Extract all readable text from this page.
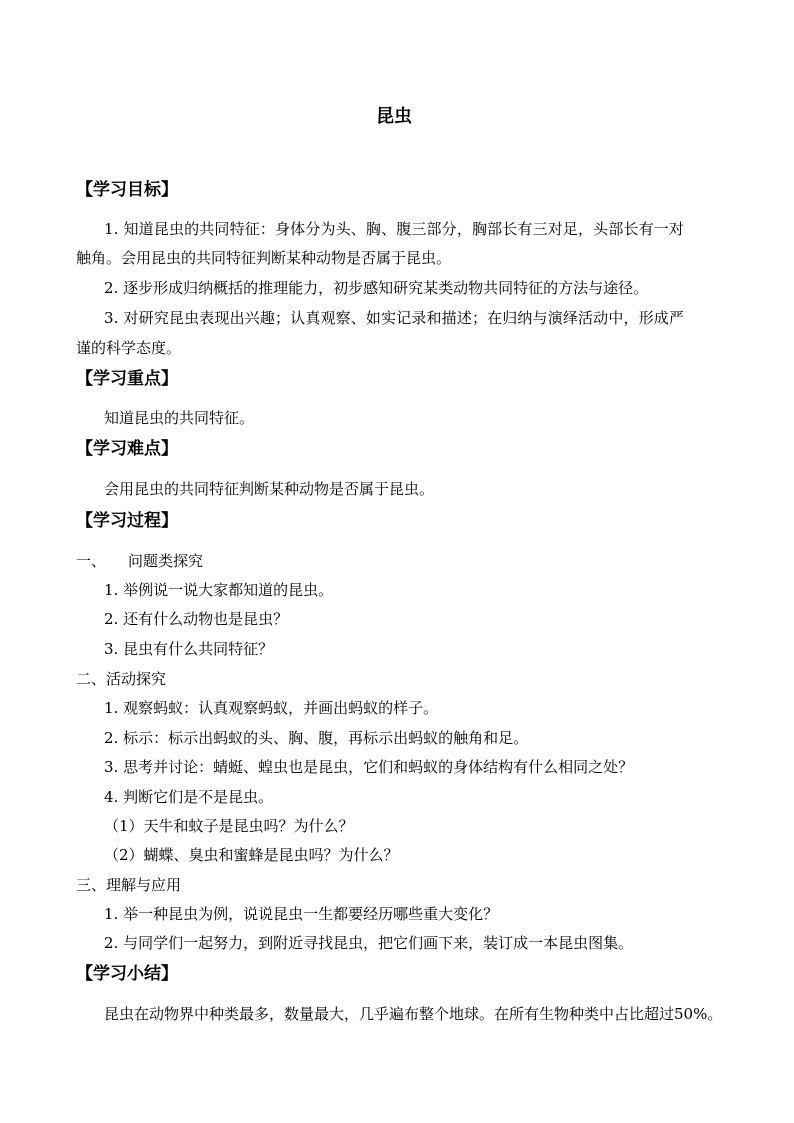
昆虫
【学习目标】
1. 知道昆虫的共同特征：身体分为头、胸、腹三部分，胸部长有三对足，头部长有一对
触角。会用昆虫的共同特征判断某种动物是否属于昆虫。
2. 逐步形成归纳概括的推理能力，初步感知研究某类动物共同特征的方法与途径。
3. 对研究昆虫表现出兴趣；认真观察、如实记录和描述；在归纳与演绎活动中，形成严
谨的科学态度。
【学习重点】
知道昆虫的共同特征。
【学习难点】
会用昆虫的共同特征判断某种动物是否属于昆虫。
【学习过程】
一、 问题类探究
1. 举例说一说大家都知道的昆虫。
2. 还有什么动物也是昆虫？
3. 昆虫有什么共同特征？
二、活动探究
1. 观察蚂蚁：认真观察蚂蚁，并画出蚂蚁的样子。
2. 标示：标示出蚂蚁的头、胸、腹，再标示出蚂蚁的触角和足。
3. 思考并讨论：蜻蜓、蝗虫也是昆虫，它们和蚂蚁的身体结构有什么相同之处？
4. 判断它们是不是昆虫。
（1）天牛和蚊子是昆虫吗？为什么？
（2）蝴蝶、臭虫和蜜蜂是昆虫吗？为什么？
三、理解与应用
1. 举一种昆虫为例，说说昆虫一生都要经历哪些重大变化？
2. 与同学们一起努力，到附近寻找昆虫，把它们画下来，装订成一本昆虫图集。
【学习小结】
昆虫在动物界中种类最多，数量最大，几乎遍布整个地球。在所有生物种类中占比超过50%。
